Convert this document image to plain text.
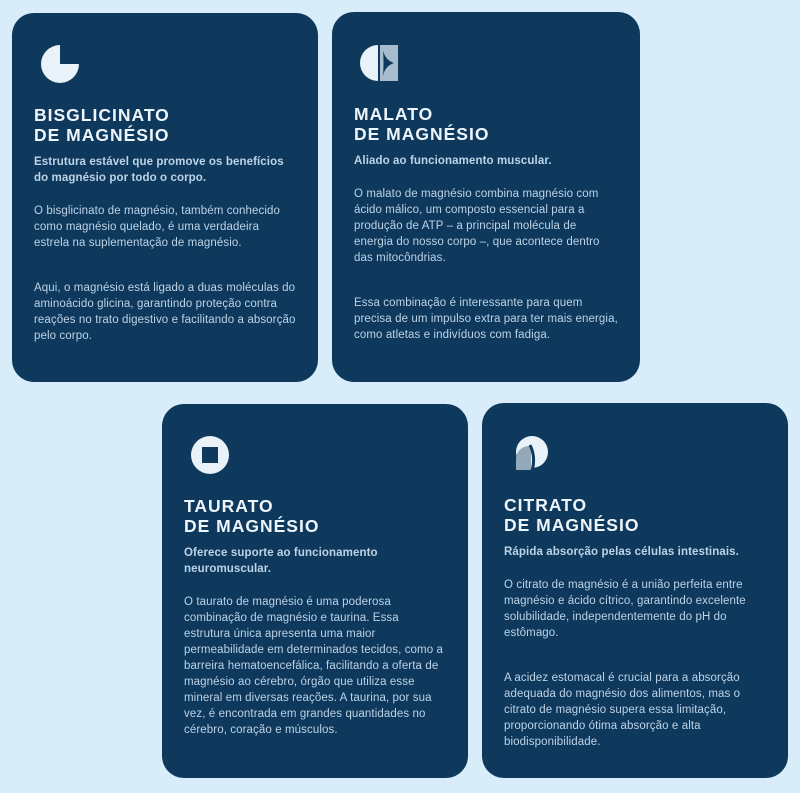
BISGLICINATO
DE MAGNÉSIO

Estrutura estável que promove os benefícios do magnésio por todo o corpo.

O bisglicinato de magnésio, também conhecido como magnésio quelado, é uma verdadeira estrela na suplementação de magnésio.

Aqui, o magnésio está ligado a duas moléculas do aminoácido glicina, garantindo proteção contra reações no trato digestivo e facilitando a absorção pelo corpo.

MALATO
DE MAGNÉSIO

Aliado ao funcionamento muscular.

O malato de magnésio combina magnésio com ácido málico, um composto essencial para a produção de ATP – a principal molécula de energia do nosso corpo –, que acontece dentro das mitocôndrias.

Essa combinação é interessante para quem precisa de um impulso extra para ter mais energia, como atletas e indivíduos com fadiga.

TAURATO
DE MAGNÉSIO

Oferece suporte ao funcionamento neuromuscular.

O taurato de magnésio é uma poderosa combinação de magnésio e taurina. Essa estrutura única apresenta uma maior permeabilidade em determinados tecidos, como a barreira hematoencefálica, facilitando a oferta de magnésio ao cérebro, órgão que utiliza esse mineral em diversas reações. A taurina, por sua vez, é encontrada em grandes quantidades no cérebro, coração e músculos.

CITRATO
DE MAGNÉSIO

Rápida absorção pelas células intestinais.

O citrato de magnésio é a união perfeita entre magnésio e ácido cítrico, garantindo excelente solubilidade, independentemente do pH do estômago.

A acidez estomacal é crucial para a absorção adequada do magnésio dos alimentos, mas o citrato de magnésio supera essa limitação, proporcionando ótima absorção e alta biodisponibilidade.
